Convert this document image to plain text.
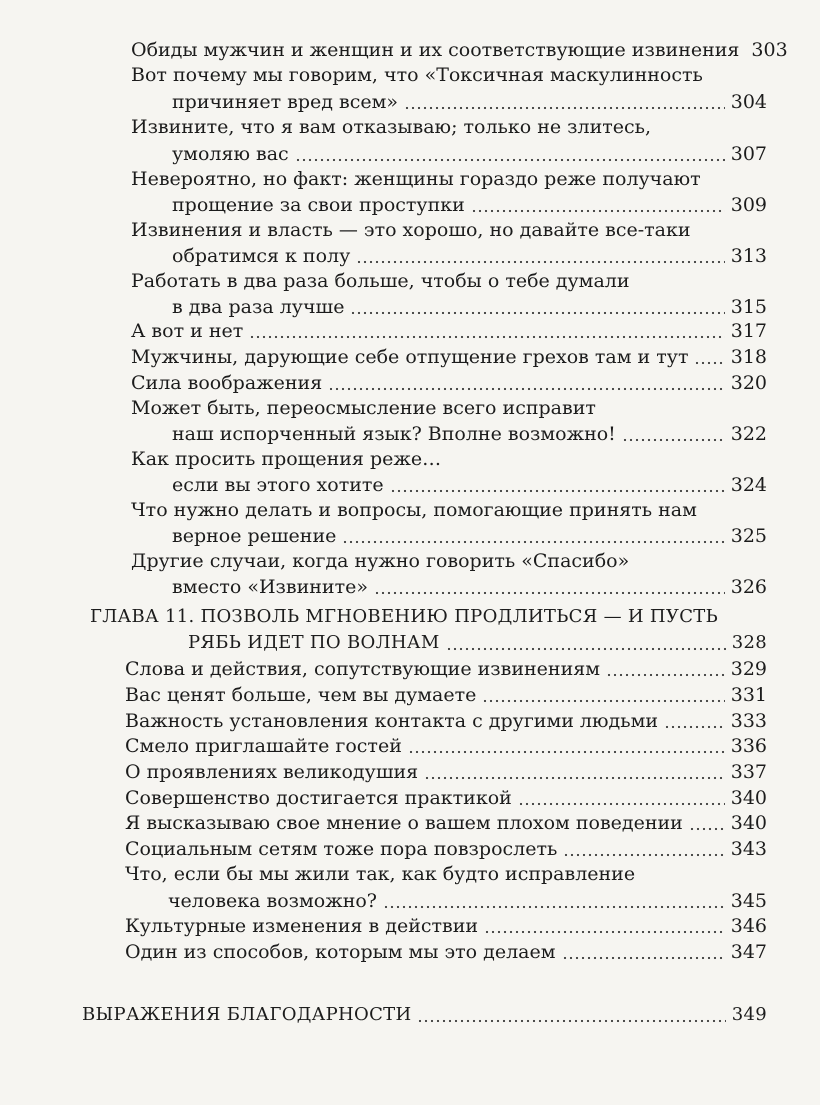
Обиды мужчин и женщин и их соответствующие извинения 303
Вот почему мы говорим, что «Токсичная маскулинность
причиняет вред всем»	304
Извините, что я вам отказываю; только не злитесь,
умоляю вас	307
Невероятно, но факт: женщины гораздо реже получают
прощение за свои проступки	309
Извинения и власть — это хорошо, но давайте все-таки
обратимся к полу	313
Работать в два раза больше, чтобы о тебе думали
в два раза лучше	315
А вот и нет	317
Мужчины, дарующие себе отпущение грехов там и тут 318
Сила воображения	320
Может быть, переосмысление всего исправит
наш испорченный язык? Вполне возможно!	322
Как просить прощения реже…
если вы этого хотите	324
Что нужно делать и вопросы, помогающие принять нам
верное решение	325
Другие случаи, когда нужно говорить «Спасибо»
вместо «Извините»	326
ГЛАВА 11. ПОЗВОЛЬ МГНОВЕНИЮ ПРОДЛИТЬСЯ — И ПУСТЬ
РЯБЬ ИДЕТ ПО ВОЛНАМ	328
Слова и действия, сопутствующие извинениям	329
Вас ценят больше, чем вы думаете	331
Важность установления контакта с другими людьми	333
Смело приглашайте гостей	336
О проявлениях великодушия	337
Совершенство достигается практикой	340
Я высказываю свое мнение о вашем плохом поведении	340
Социальным сетям тоже пора повзрослеть	343
Что, если бы мы жили так, как будто исправление
человека возможно?	345
Культурные изменения в действии	346
Один из способов, которым мы это делаем	347
ВЫРАЖЕНИЯ БЛАГОДАРНОСТИ	349
